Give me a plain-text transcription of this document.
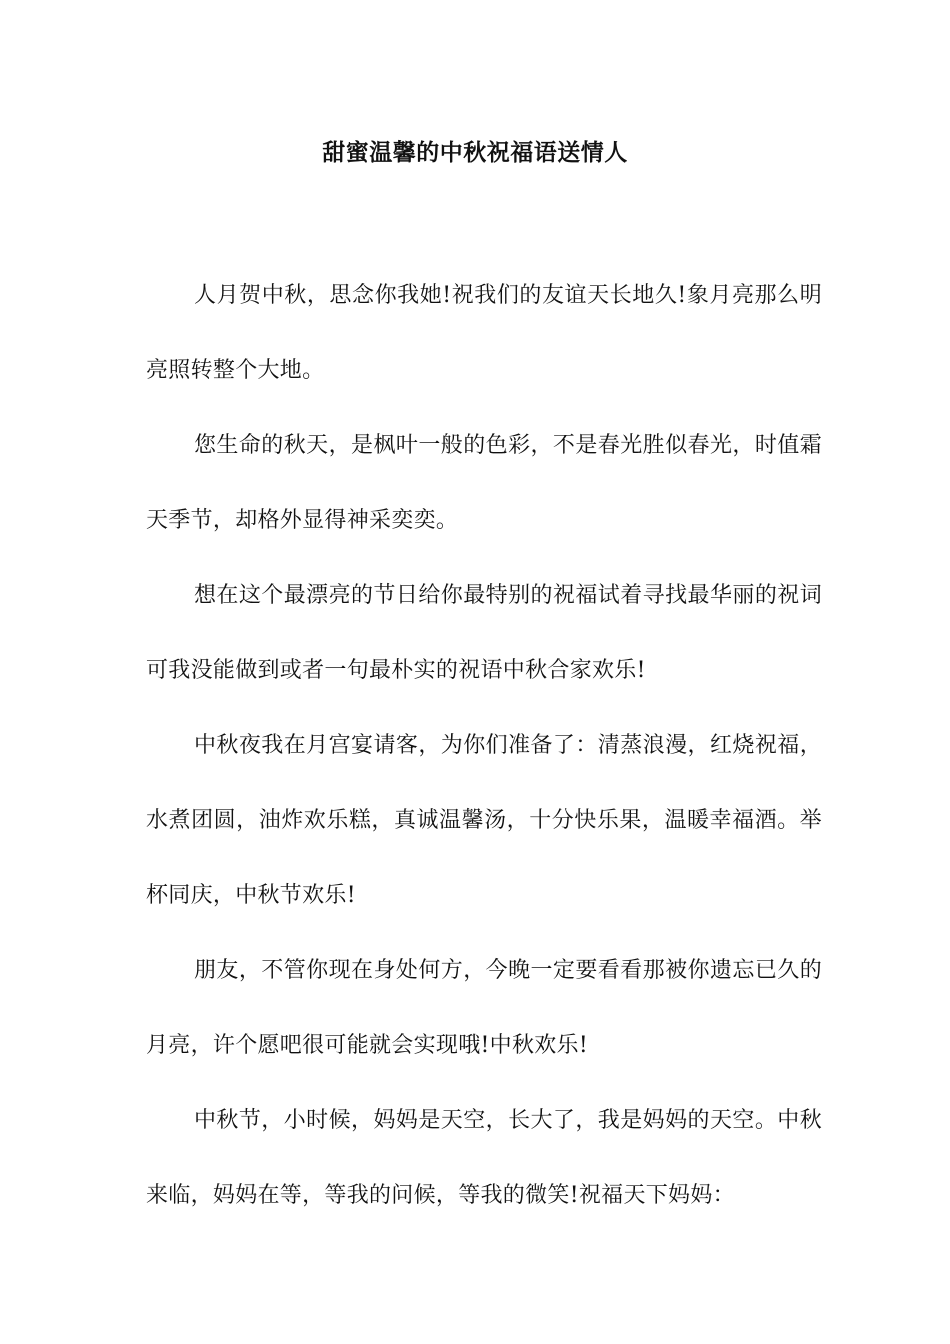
甜蜜温馨的中秋祝福语送情人

人月贺中秋，思念你我她!祝我们的友谊天长地久!象月亮那么明亮照转整个大地。

您生命的秋天，是枫叶一般的色彩，不是春光胜似春光，时值霜天季节，却格外显得神采奕奕。

想在这个最漂亮的节日给你最特别的祝福试着寻找最华丽的祝词可我没能做到或者一句最朴实的祝语中秋合家欢乐!

中秋夜我在月宫宴请客，为你们准备了：清蒸浪漫，红烧祝福，水煮团圆，油炸欢乐糕，真诚温馨汤，十分快乐果，温暖幸福酒。举杯同庆，中秋节欢乐!

朋友，不管你现在身处何方，今晚一定要看看那被你遗忘已久的月亮，许个愿吧很可能就会实现哦!中秋欢乐!

中秋节，小时候，妈妈是天空，长大了，我是妈妈的天空。中秋来临，妈妈在等，等我的问候，等我的微笑!祝福天下妈妈：
